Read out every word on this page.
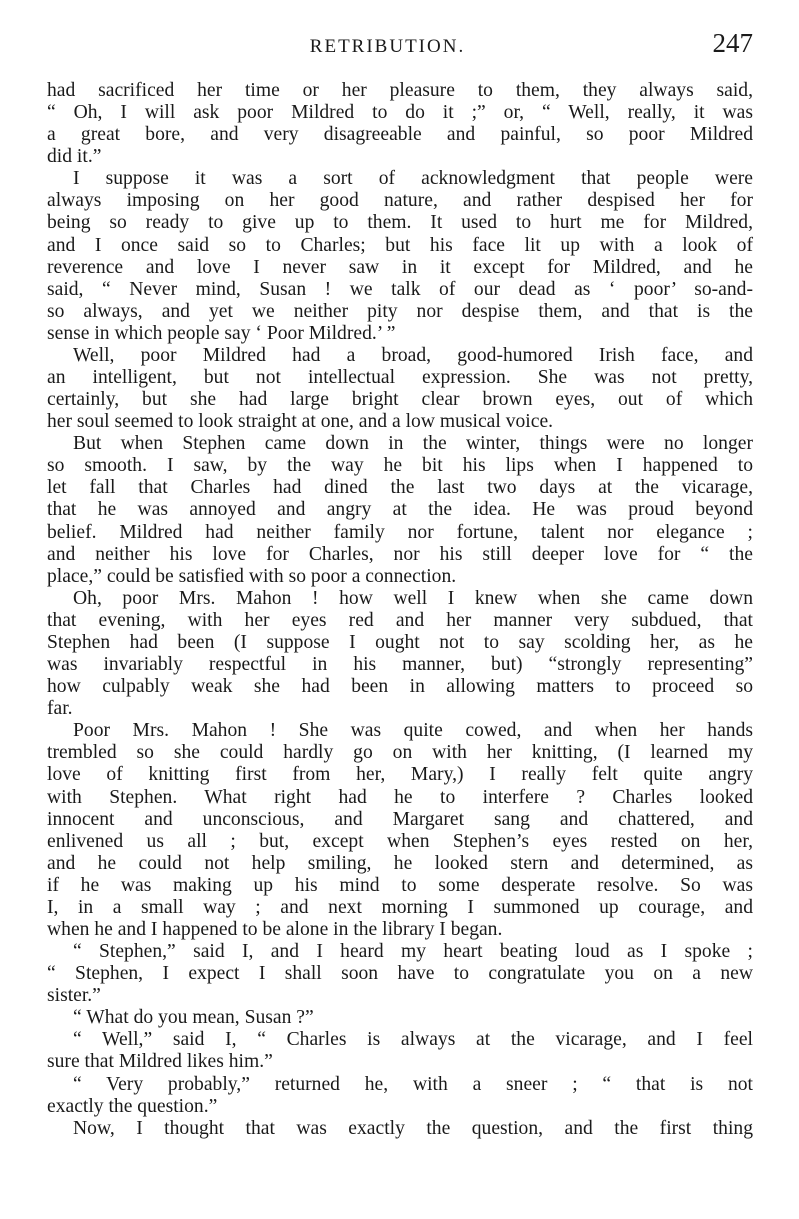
RETRIBUTION.	247
had sacrificed her time or her pleasure to them, they always said,
“ Oh, I will ask poor Mildred to do it ;” or, “ Well, really, it was
a great bore, and very disagreeable and painful, so poor Mildred
did it.”
I suppose it was a sort of acknowledgment that people were
always imposing on her good nature, and rather despised her for
being so ready to give up to them. It used to hurt me for Mildred,
and I once said so to Charles; but his face lit up with a look of
reverence and love I never saw in it except for Mildred, and he
said, “ Never mind, Susan ! we talk of our dead as ‘ poor’ so-and-
so always, and yet we neither pity nor despise them, and that is the
sense in which people say ‘ Poor Mildred.’ ”
Well, poor Mildred had a broad, good-humored Irish face, and
an intelligent, but not intellectual expression. She was not pretty,
certainly, but she had large bright clear brown eyes, out of which
her soul seemed to look straight at one, and a low musical voice.
But when Stephen came down in the winter, things were no longer
so smooth. I saw, by the way he bit his lips when I happened to
let fall that Charles had dined the last two days at the vicarage,
that he was annoyed and angry at the idea. He was proud beyond
belief. Mildred had neither family nor fortune, talent nor elegance ;
and neither his love for Charles, nor his still deeper love for “ the
place,” could be satisfied with so poor a connection.
Oh, poor Mrs. Mahon ! how well I knew when she came down
that evening, with her eyes red and her manner very subdued, that
Stephen had been (I suppose I ought not to say scolding her, as he
was invariably respectful in his manner, but) “strongly representing”
how culpably weak she had been in allowing matters to proceed so
far.
Poor Mrs. Mahon ! She was quite cowed, and when her hands
trembled so she could hardly go on with her knitting, (I learned my
love of knitting first from her, Mary,) I really felt quite angry
with Stephen. What right had he to interfere ? Charles looked
innocent and unconscious, and Margaret sang and chattered, and
enlivened us all ; but, except when Stephen’s eyes rested on her,
and he could not help smiling, he looked stern and determined, as
if he was making up his mind to some desperate resolve. So was
I, in a small way ; and next morning I summoned up courage, and
when he and I happened to be alone in the library I began.
“ Stephen,” said I, and I heard my heart beating loud as I spoke ;
“ Stephen, I expect I shall soon have to congratulate you on a new
sister.”
“ What do you mean, Susan ?”
“ Well,” said I, “ Charles is always at the vicarage, and I feel
sure that Mildred likes him.”
“ Very probably,” returned he, with a sneer ; “ that is not
exactly the question.”
Now, I thought that was exactly the question, and the first thing
